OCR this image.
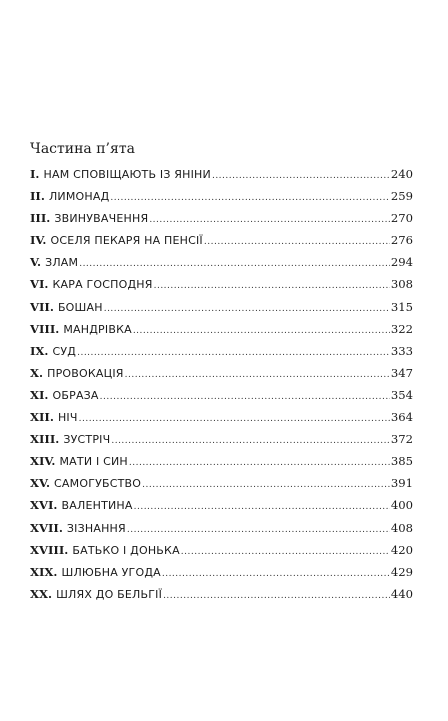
Частина п’ята
I. НАМ СПОВІЩАЮТЬ ІЗ ЯНІНИ .....	240
II. ЛИМОНАД .....	259
III. ЗВИНУВАЧЕННЯ .....	270
IV. ОСЕЛЯ ПЕКАРЯ НА ПЕНСІЇ .....	276
V. ЗЛАМ .....	294
VI. КАРА ГОСПОДНЯ .....	308
VII. БОШАН .....	315
VIII. МАНДРІВКА .....	322
IX. СУД .....	333
X. ПРОВОКАЦІЯ .....	347
XI. ОБРАЗА .....	354
XII. НІЧ .....	364
XIII. ЗУСТРІЧ .....	372
XIV. МАТИ І СИН .....	385
XV. САМОГУБСТВО .....	391
XVI. ВАЛЕНТИНА .....	400
XVII. ЗІЗНАННЯ .....	408
XVIII. БАТЬКО І ДОНЬКА .....	420
XIX. ШЛЮБНА УГОДА .....	429
XX. ШЛЯХ ДО БЕЛЬГІЇ .....	440
